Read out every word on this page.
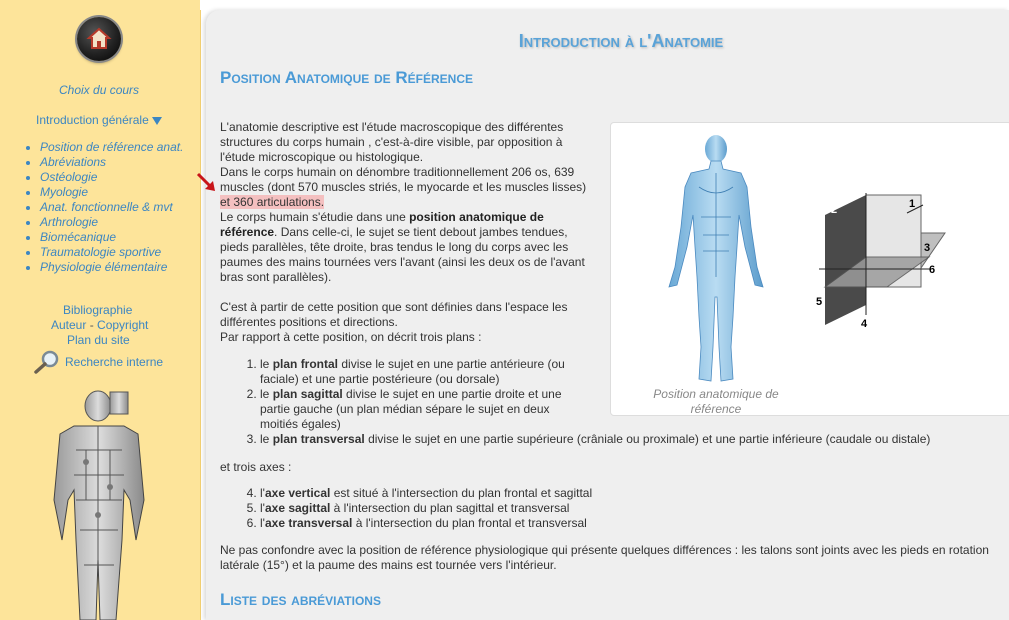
Choix du cours
Introduction générale
• Position de référence anat.
• Abréviations
• Ostéologie
• Myologie
• Anat. fonctionnelle & mvt
• Arthrologie
• Biomécanique
• Traumatologie sportive
• Physiologie élémentaire
Bibliographie
Auteur - Copyright
Plan du site
Recherche interne
Introduction à l'Anatomie
Position Anatomique de Référence
L'anatomie descriptive est l'étude macroscopique des différentes structures du corps humain , c'est-à-dire visible, par opposition à l'étude microscopique ou histologique.
Dans le corps humain on dénombre traditionnellement 206 os, 639 muscles (dont 570 muscles striés, le myocarde et les muscles lisses)
et 360 articulations.
Le corps humain s'étudie dans une position anatomique de référence. Dans celle-ci, le sujet se tient debout jambes tendues, pieds parallèles, tête droite, bras tendus le long du corps avec les paumes des mains tournées vers l'avant (ainsi les deux os de l'avant bras sont parallèles).
C'est à partir de cette position que sont définies dans l'espace les différentes positions et directions.
Par rapport à cette position, on décrit trois plans :
Position anatomique de référence
1
2
3
4
5
6
1. le plan frontal divise le sujet en une partie antérieure (ou faciale) et une partie postérieure (ou dorsale)
2. le plan sagittal divise le sujet en une partie droite et une partie gauche (un plan médian sépare le sujet en deux moitiés égales)
3. le plan transversal divise le sujet en une partie supérieure (crâniale ou proximale) et une partie inférieure (caudale ou distale)
et trois axes :
4. l'axe vertical est situé à l'intersection du plan frontal et sagittal
5. l'axe sagittal à l'intersection du plan sagittal et transversal
6. l'axe transversal à l'intersection du plan frontal et transversal
Ne pas confondre avec la position de référence physiologique qui présente quelques différences : les talons sont joints avec les pieds en rotation latérale (15°) et la paume des mains est tournée vers l'intérieur.
Liste des abréviations
